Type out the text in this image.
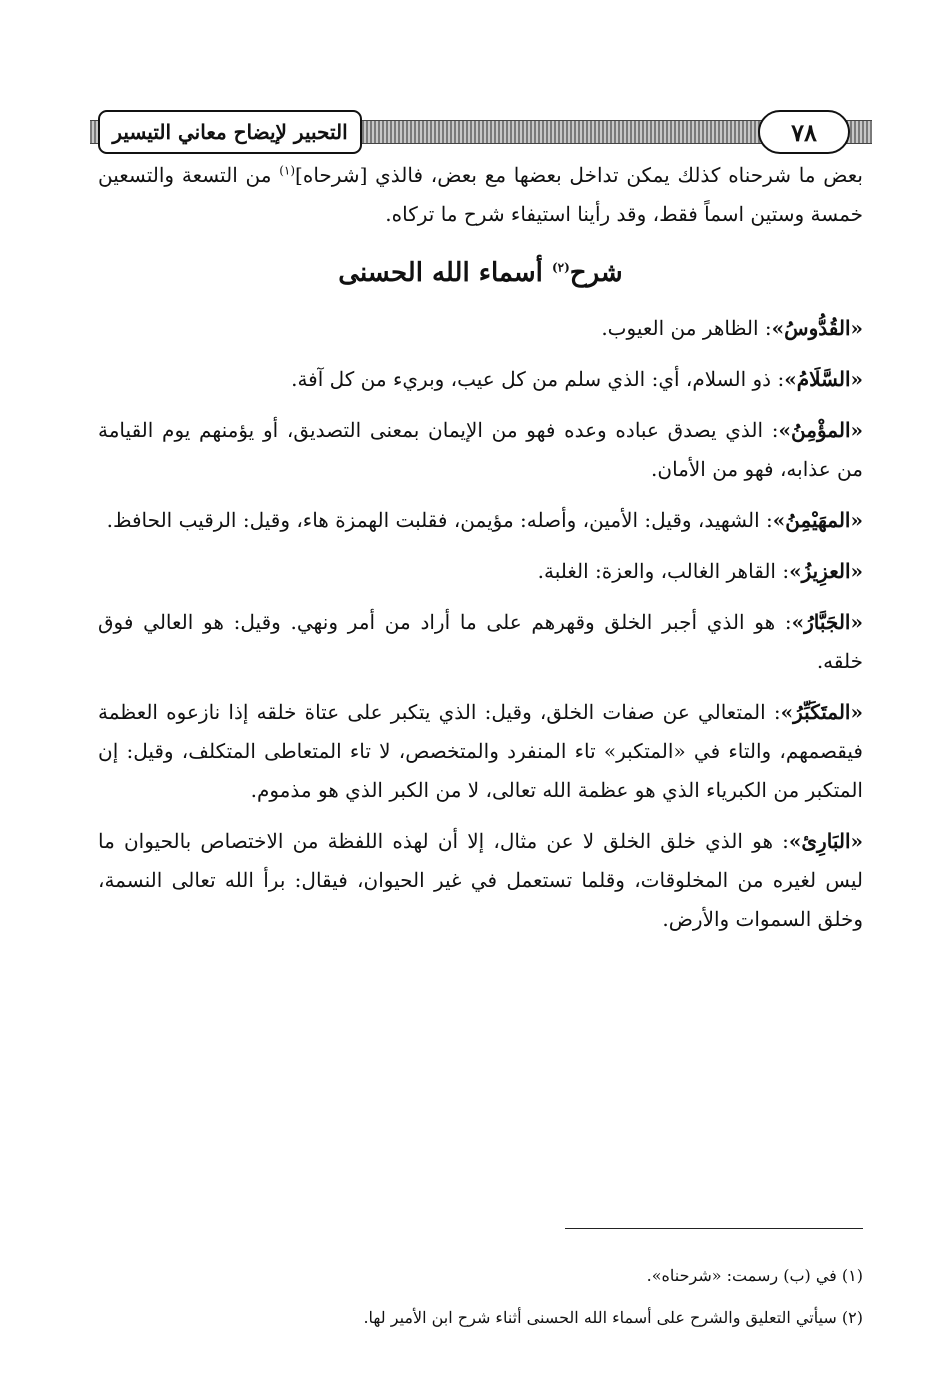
التحبير لإيضاح معاني التيسير	٧٨

بعض ما شرحناه كذلك يمكن تداخل بعضها مع بعض، فالذي [شرحاه]$^{(١)}$ من التسعة والتسعين خمسة وستين اسماً فقط، وقد رأينا استيفاء شرح ما تركاه.

شرح$^{(٢)}$ أسماء الله الحسنى

«القُدُّوسُ»: الظاهر من العيوب.

«السَّلَامُ»: ذو السلام، أي: الذي سلم من كل عيب، وبريء من كل آفة.

«المؤْمِنُ»: الذي يصدق عباده وعده فهو من الإيمان بمعنى التصديق، أو يؤمنهم يوم القيامة من عذابه، فهو من الأمان.

«المهَيْمِنُ»: الشهيد، وقيل: الأمين، وأصله: مؤيمن، فقلبت الهمزة هاء، وقيل: الرقيب الحافظ.

«العزِيزُ»: القاهر الغالب، والعزة: الغلبة.

«الجَبَّارُ»: هو الذي أجبر الخلق وقهرهم على ما أراد من أمر ونهي. وقيل: هو العالي فوق خلقه.

«المتَكَبِّرُ»: المتعالي عن صفات الخلق، وقيل: الذي يتكبر على عتاة خلقه إذا نازعوه العظمة فيقصمهم، والتاء في «المتكبر» تاء المنفرد والمتخصص، لا تاء المتعاطى المتكلف، وقيل: إن المتكبر من الكبرياء الذي هو عظمة الله تعالى، لا من الكبر الذي هو مذموم.

«البَارِئ»: هو الذي خلق الخلق لا عن مثال، إلا أن لهذه اللفظة من الاختصاص بالحيوان ما ليس لغيره من المخلوقات، وقلما تستعمل في غير الحيوان، فيقال: برأ الله تعالى النسمة، وخلق السموات والأرض.

(١) في (ب) رسمت: «شرحناه».

(٢) سيأتي التعليق والشرح على أسماء الله الحسنى أثناء شرح ابن الأمير لها.
